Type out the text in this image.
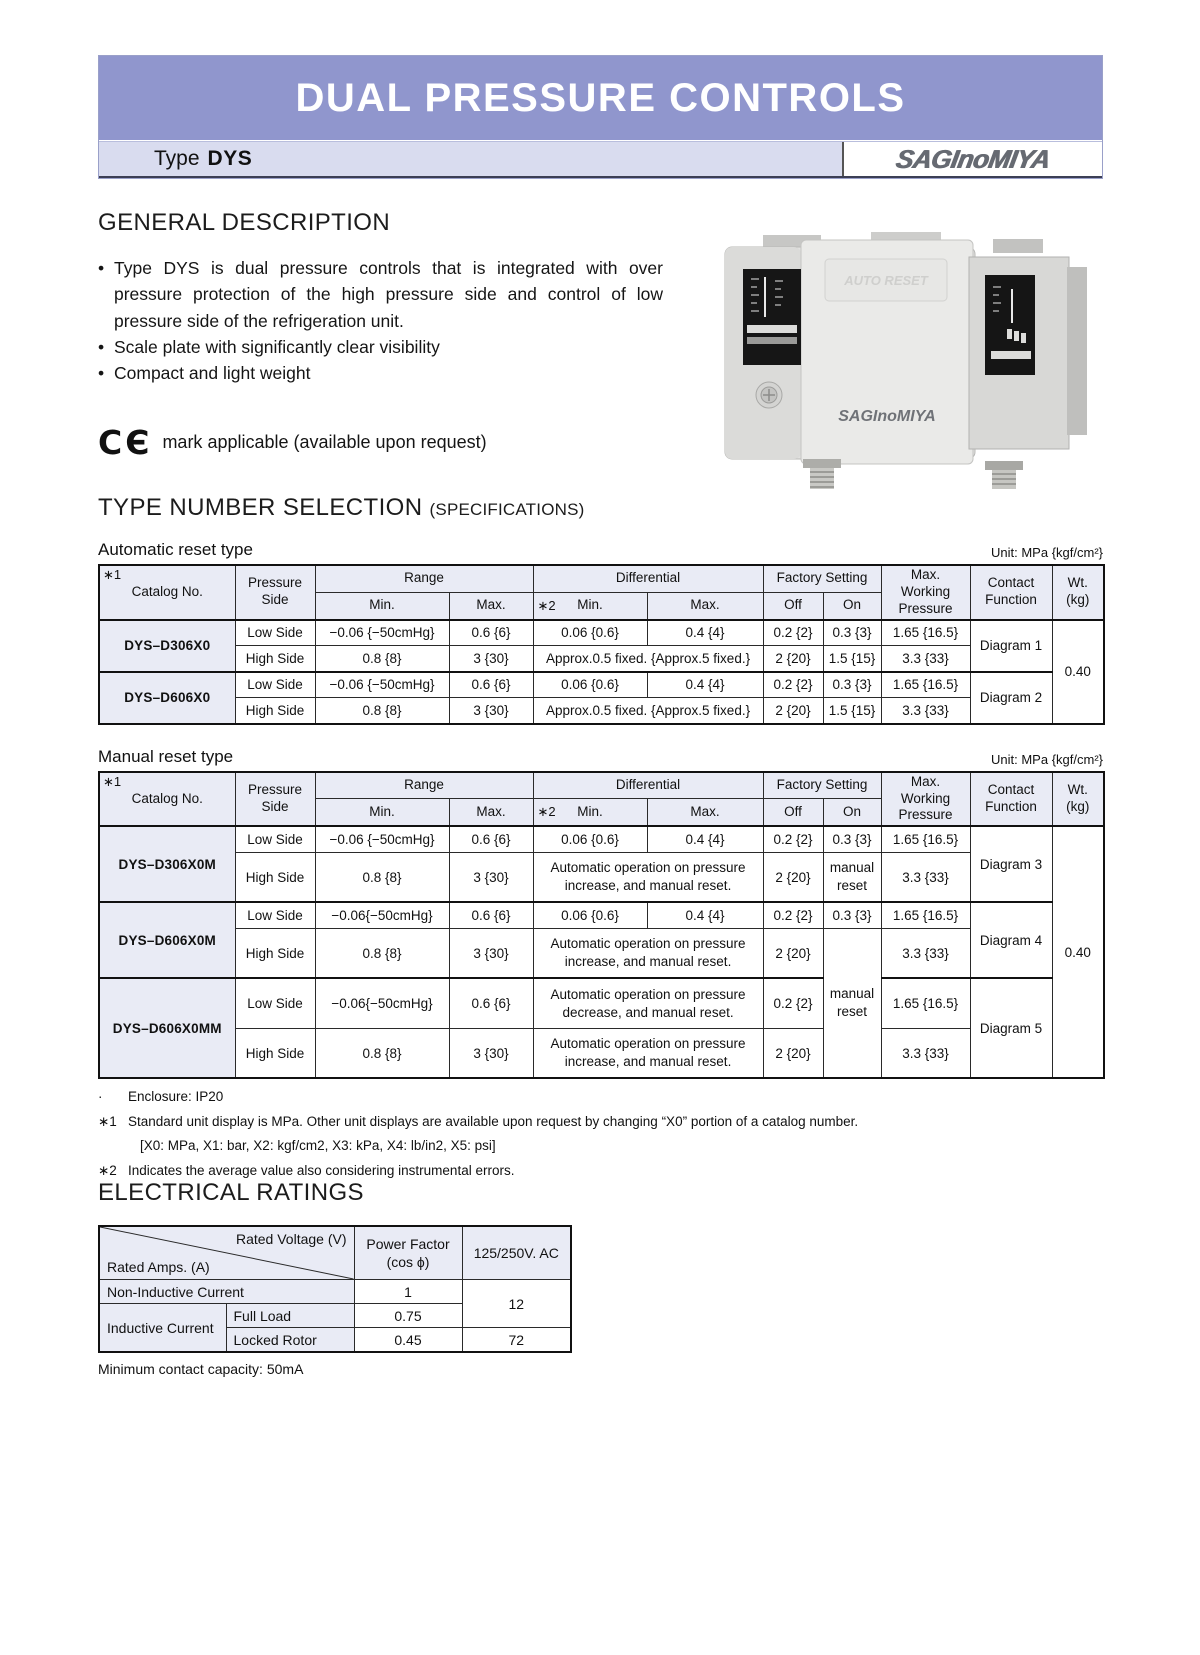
DUAL PRESSURE CONTROLS
Type DYS	SAGInoMIYA
GENERAL DESCRIPTION
• Type DYS is dual pressure controls that is integrated with over pressure protection of the high pressure side and control of low pressure side of the refrigeration unit.
• Scale plate with significantly clear visibility
• Compact and light weight
CЄ mark applicable (available upon request)
AUTO RESET
SAGInoMIYA
TYPE NUMBER SELECTION (SPECIFICATIONS)
Automatic reset type	Unit: MPa {kgf/cm²}
∗1
Catalog No.	Pressure Side	Range		Differential		Factory Setting		Max. Working Pressure	Contact Function	Wt. (kg)
		Min.	Max.	∗2 Min.	Max.	Off	On			
DYS–D306X0	Low Side	−0.06 {−50cmHg}	0.6 {6}	0.06 {0.6}	0.4 {4}	0.2 {2}	0.3 {3}	1.65 {16.5}	Diagram 1	0.40
	High Side	0.8 {8}	3 {30}	Approx.0.5 fixed. {Approx.5 fixed.}		2 {20}	1.5 {15}	3.3 {33}		
DYS–D606X0	Low Side	−0.06 {−50cmHg}	0.6 {6}	0.06 {0.6}	0.4 {4}	0.2 {2}	0.3 {3}	1.65 {16.5}	Diagram 2	
	High Side	0.8 {8}	3 {30}	Approx.0.5 fixed. {Approx.5 fixed.}		2 {20}	1.5 {15}	3.3 {33}		
Manual reset type	Unit: MPa {kgf/cm²}
∗1
Catalog No.	Pressure Side	Range		Differential		Factory Setting		Max. Working Pressure	Contact Function	Wt. (kg)
		Min.	Max.	∗2 Min.	Max.	Off	On			
DYS–D306X0M	Low Side	−0.06 {−50cmHg}	0.6 {6}	0.06 {0.6}	0.4 {4}	0.2 {2}	0.3 {3}	1.65 {16.5}	Diagram 3	0.40
	High Side	0.8 {8}	3 {30}	Automatic operation on pressure increase, and manual reset.		2 {20}	manual reset	3.3 {33}		
DYS–D606X0M	Low Side	−0.06{−50cmHg}	0.6 {6}	0.06 {0.6}	0.4 {4}	0.2 {2}	0.3 {3}	1.65 {16.5}	Diagram 4	
	High Side	0.8 {8}	3 {30}	Automatic operation on pressure increase, and manual reset.		2 {20}	manual reset	3.3 {33}		
DYS–D606X0MM	Low Side	−0.06{−50cmHg}	0.6 {6}	Automatic operation on pressure decrease, and manual reset.		0.2 {2}		1.65 {16.5}	Diagram 5	
	High Side	0.8 {8}	3 {30}	Automatic operation on pressure increase, and manual reset.		2 {20}		3.3 {33}		
·	Enclosure: IP20
∗1 Standard unit display is MPa. Other unit displays are available upon request by changing “X0” portion of a catalog number.
[X0: MPa, X1: bar, X2: kgf/cm2, X3: kPa, X4: lb/in2, X5: psi]
∗2 Indicates the average value also considering instrumental errors.
ELECTRICAL RATINGS
Rated Voltage (V)
Rated Amps. (A)

Power Factor
(cos ϕ)
	125/250V. AC
Non-Inductive Current		1	12
Inductive Current	Full Load	0.75	
	Locked Rotor	0.45	72
Minimum contact capacity: 50mA
